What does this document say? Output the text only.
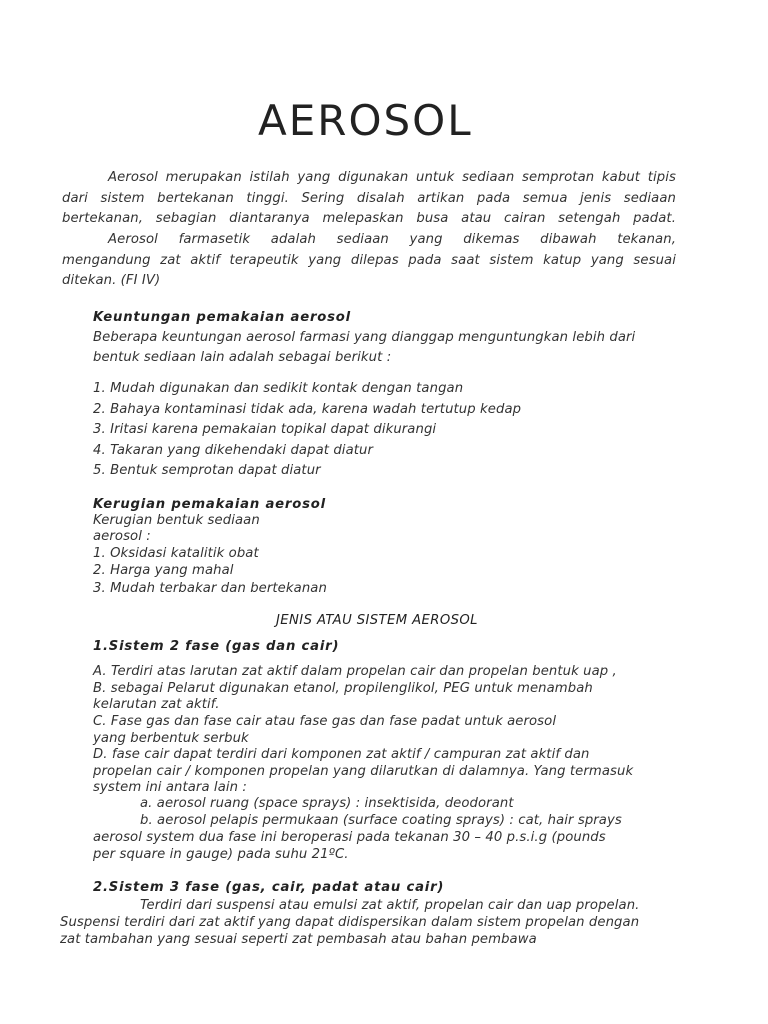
AEROSOL
Aerosol merupakan istilah yang digunakan untuk sediaan semprotan kabut tipis
dari sistem bertekanan tinggi. Sering disalah artikan pada semua jenis sediaan
bertekanan, sebagian diantaranya melepaskan busa atau cairan setengah padat.
Aerosol farmasetik adalah sediaan yang dikemas dibawah tekanan,
mengandung zat aktif terapeutik yang dilepas pada saat sistem katup yang sesuai
ditekan. (FI IV)
Keuntungan pemakaian aerosol
Beberapa keuntungan aerosol farmasi yang dianggap menguntungkan lebih dari
bentuk sediaan lain adalah sebagai berikut :
1. Mudah digunakan dan sedikit kontak dengan tangan
2. Bahaya kontaminasi tidak ada, karena wadah tertutup kedap
3. Iritasi karena pemakaian topikal dapat dikurangi
4. Takaran yang dikehendaki dapat diatur
5. Bentuk semprotan dapat diatur
Kerugian pemakaian aerosol
Kerugian bentuk sediaan
aerosol :
1. Oksidasi katalitik obat
2. Harga yang mahal
3. Mudah terbakar dan bertekanan
JENIS ATAU SISTEM AEROSOL
1.Sistem 2 fase (gas dan cair)
A. Terdiri atas larutan zat aktif dalam propelan cair dan propelan bentuk uap ,
B. sebagai Pelarut digunakan etanol, propilenglikol, PEG untuk menambah
kelarutan zat aktif.
C. Fase gas dan fase cair atau fase gas dan fase padat untuk aerosol
yang berbentuk serbuk
D. fase cair dapat terdiri dari komponen zat aktif / campuran zat aktif dan
propelan cair / komponen propelan yang dilarutkan di dalamnya. Yang termasuk
system ini antara lain :
a. aerosol ruang (space sprays) : insektisida, deodorant
b. aerosol pelapis permukaan (surface coating sprays) : cat, hair sprays
aerosol system dua fase ini beroperasi pada tekanan 30 – 40 p.s.i.g (pounds
per square in gauge) pada suhu 21ºC.
2.Sistem 3 fase (gas, cair, padat atau cair)
Terdiri dari suspensi atau emulsi zat aktif, propelan cair dan uap propelan.
Suspensi terdiri dari zat aktif yang dapat didispersikan dalam sistem propelan dengan
zat tambahan yang sesuai seperti zat pembasah atau bahan pembawa
